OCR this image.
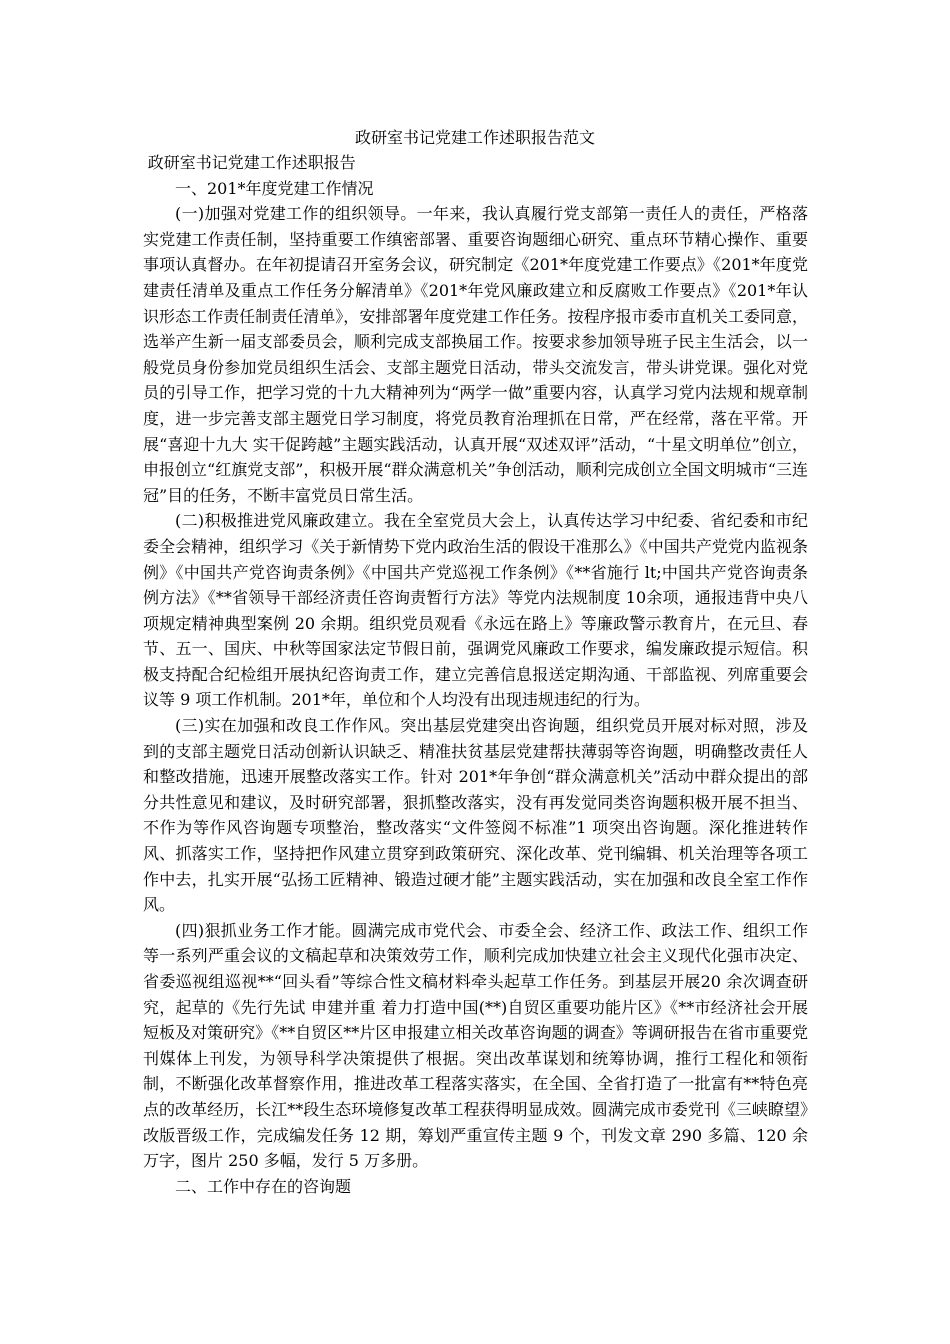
政研室书记党建工作述职报告范文

政研室书记党建工作述职报告

一、201*年度党建工作情况

(一)加强对党建工作的组织领导。一年来，我认真履行党支部第一责任人的责任，严格落实党建工作责任制，坚持重要工作缜密部署、重要咨询题细心研究、重点环节精心操作、重要事项认真督办。在年初提请召开室务会议，研究制定《201*年度党建工作要点》《201*年度党建责任清单及重点工作任务分解清单》《201*年党风廉政建立和反腐败工作要点》《201*年认识形态工作责任制责任清单》，安排部署年度党建工作任务。按程序报市委市直机关工委同意，选举产生新一届支部委员会，顺利完成支部换届工作。按要求参加领导班子民主生活会，以一般党员身份参加党员组织生活会、支部主题党日活动，带头交流发言，带头讲党课。强化对党员的引导工作，把学习党的十九大精神列为“两学一做”重要内容，认真学习党内法规和规章制度，进一步完善支部主题党日学习制度，将党员教育治理抓在日常，严在经常，落在平常。开展“喜迎十九大 实干促跨越”主题实践活动，认真开展“双述双评”活动，“十星文明单位”创立，申报创立“红旗党支部”，积极开展“群众满意机关”争创活动，顺利完成创立全国文明城市“三连冠”目的任务，不断丰富党员日常生活。

(二)积极推进党风廉政建立。我在全室党员大会上，认真传达学习中纪委、省纪委和市纪委全会精神，组织学习《关于新情势下党内政治生活的假设干准那么》《中国共产党党内监视条例》《中国共产党咨询责条例》《中国共产党巡视工作条例》《**省施行 lt;中国共产党咨询责条例方法》《**省领导干部经济责任咨询责暂行方法》等党内法规制度 10余项，通报违背中央八项规定精神典型案例 20 余期。组织党员观看《永远在路上》等廉政警示教育片，在元旦、春节、五一、国庆、中秋等国家法定节假日前，强调党风廉政工作要求，编发廉政提示短信。积极支持配合纪检组开展执纪咨询责工作，建立完善信息报送定期沟通、干部监视、列席重要会议等 9 项工作机制。201*年，单位和个人均没有出现违规违纪的行为。

(三)实在加强和改良工作作风。突出基层党建突出咨询题，组织党员开展对标对照，涉及到的支部主题党日活动创新认识缺乏、精准扶贫基层党建帮扶薄弱等咨询题，明确整改责任人和整改措施，迅速开展整改落实工作。针对 201*年争创“群众满意机关”活动中群众提出的部分共性意见和建议，及时研究部署，狠抓整改落实，没有再发觉同类咨询题积极开展不担当、不作为等作风咨询题专项整治，整改落实“文件签阅不标准”1 项突出咨询题。深化推进转作风、抓落实工作，坚持把作风建立贯穿到政策研究、深化改革、党刊编辑、机关治理等各项工作中去，扎实开展“弘扬工匠精神、锻造过硬才能”主题实践活动，实在加强和改良全室工作作风。

(四)狠抓业务工作才能。圆满完成市党代会、市委全会、经济工作、政法工作、组织工作等一系列严重会议的文稿起草和决策效劳工作，顺利完成加快建立社会主义现代化强市决定、省委巡视组巡视**“回头看”等综合性文稿材料牵头起草工作任务。到基层开展20 余次调查研究，起草的《先行先试 申建并重 着力打造中国(**)自贸区重要功能片区》《**市经济社会开展短板及对策研究》《**自贸区**片区申报建立相关改革咨询题的调查》等调研报告在省市重要党刊媒体上刊发，为领导科学决策提供了根据。突出改革谋划和统筹协调，推行工程化和领衔制，不断强化改革督察作用，推进改革工程落实落实，在全国、全省打造了一批富有**特色亮点的改革经历，长江**段生态环境修复改革工程获得明显成效。圆满完成市委党刊《三峡瞭望》改版晋级工作，完成编发任务 12 期，筹划严重宣传主题 9 个，刊发文章 290 多篇、120 余万字，图片 250 多幅，发行 5 万多册。

二、工作中存在的咨询题
